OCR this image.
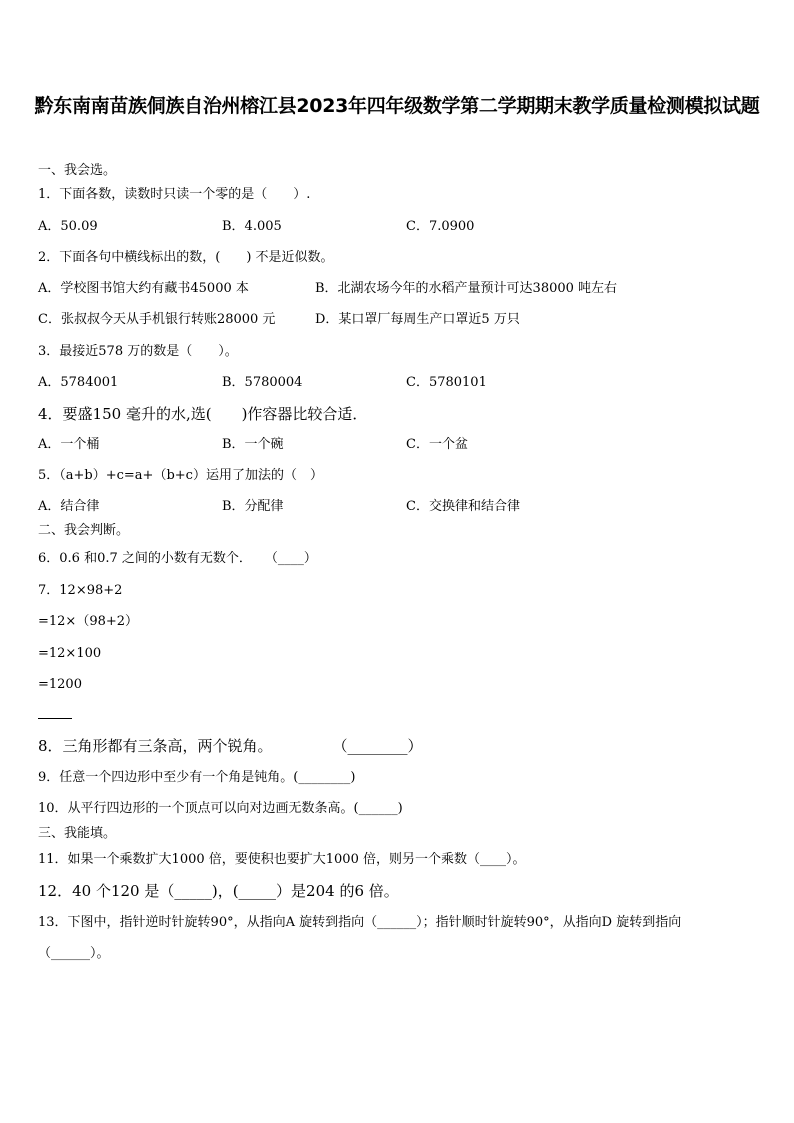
黔东南南苗族侗族自治州榕江县2023年四年级数学第二学期期末教学质量检测模拟试题
一、我会选。
1．下面各数，读数时只读一个零的是（　　）.
A．50.09	B．4.005	C．7.0900
2．下面各句中横线标出的数，(　　) 不是近似数。
A．学校图书馆大约有藏书45000 本	B．北湖农场今年的水稻产量预计可达38000 吨左右
C．张叔叔今天从手机银行转账28000 元	D．某口罩厂每周生产口罩近5 万只
3．最接近578 万的数是（　　）。
A．5784001	B．5780004	C．5780101
4．要盛150 毫升的水,选(　　)作容器比较合适．
A．一个桶	B．一个碗	C．一个盆
5．（a+b）+c=a+（b+c）运用了加法的（　）
A．结合律	B．分配律	C．交换律和结合律
二、我会判断。
6．0.6 和0.7 之间的小数有无数个．　　（____）
7．12×98+2
=12×（98+2）
=12×100
=1200
8．三角形都有三条高，两个锐角。　　　　　（________）
9．任意一个四边形中至少有一个角是钝角。(________)
10．从平行四边形的一个顶点可以向对边画无数条高。(______)
三、我能填。
11．如果一个乘数扩大1000 倍，要使积也要扩大1000 倍，则另一个乘数（____）。
12．40 个120 是（_____)，(_____）是204 的6 倍。
13．下图中，指针逆时针旋转90°，从指向A 旋转到指向（______）；指针顺时针旋转90°，从指向D 旋转到指向
（______）。
